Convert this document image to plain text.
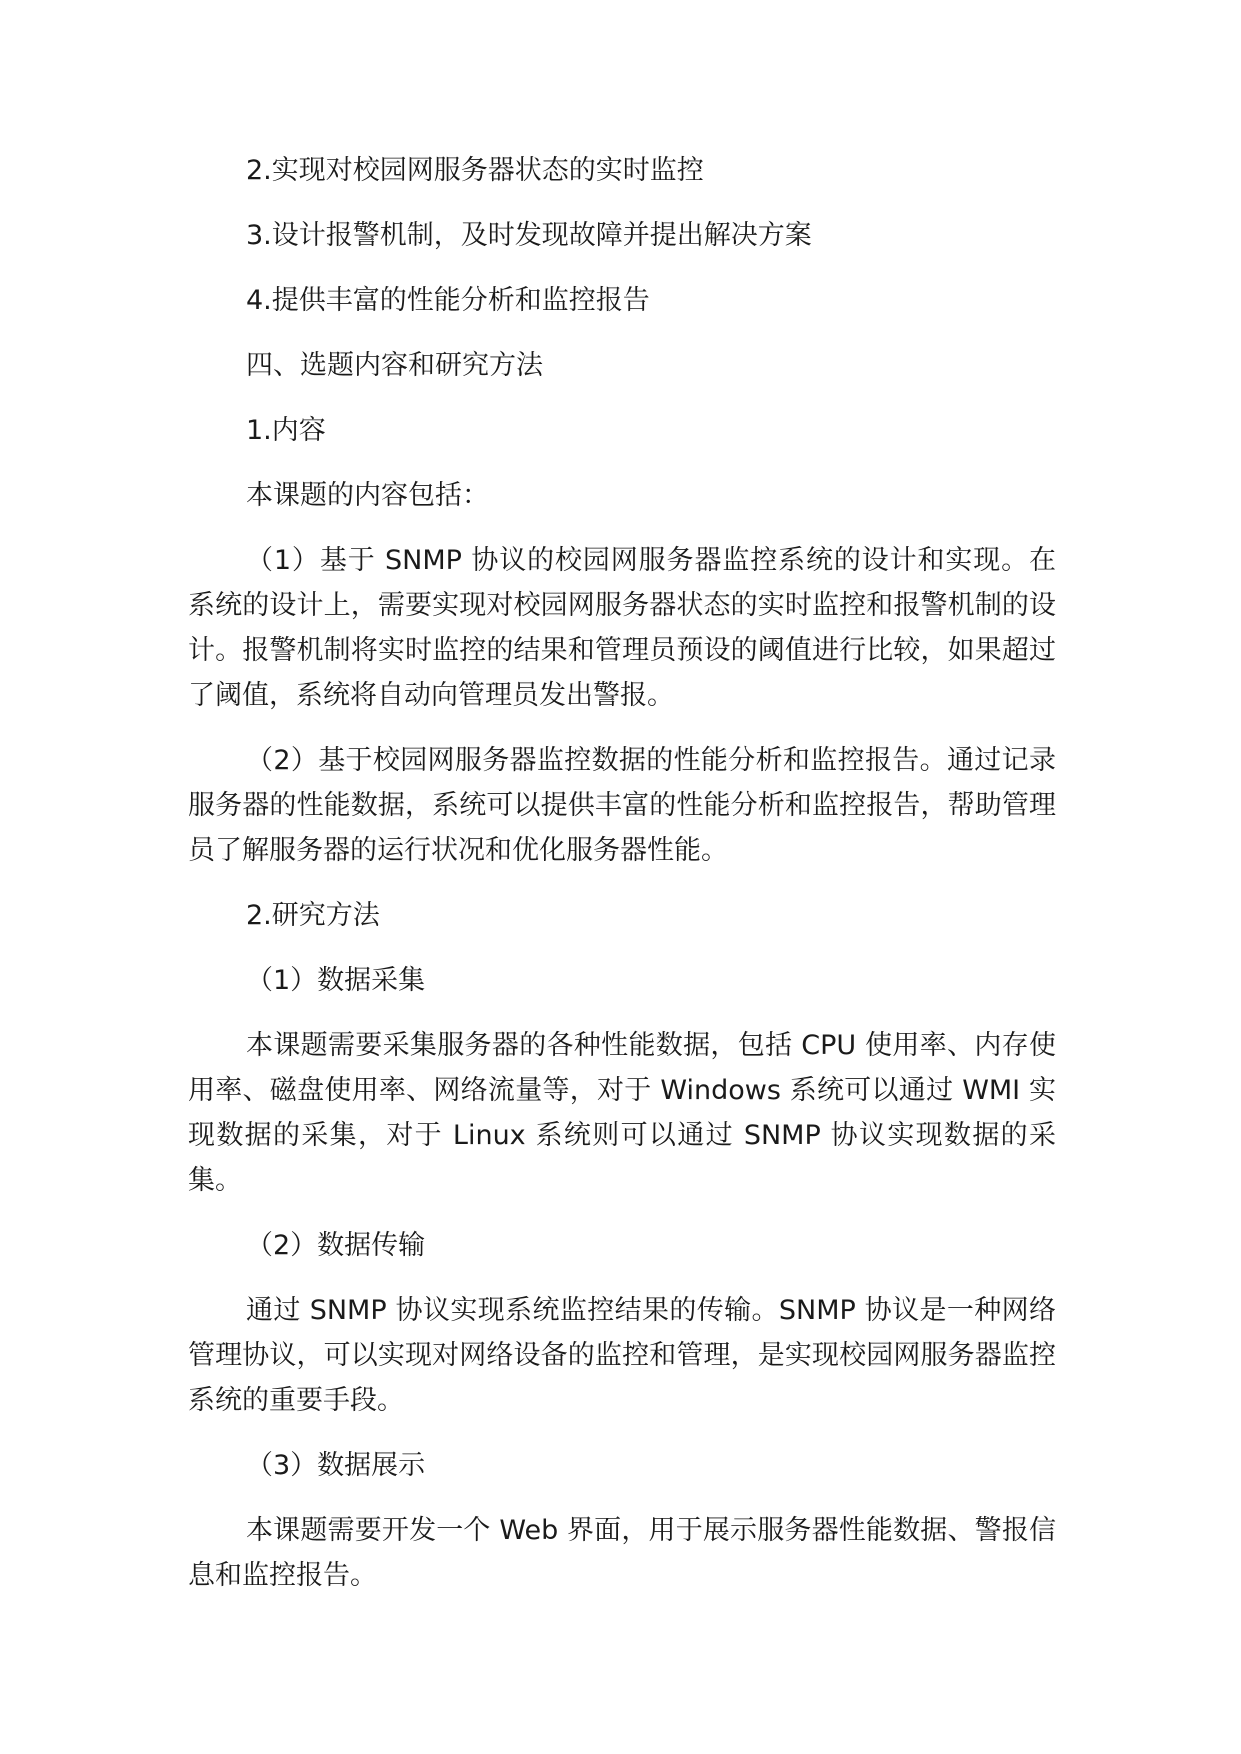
2.实现对校园网服务器状态的实时监控

3.设计报警机制，及时发现故障并提出解决方案

4.提供丰富的性能分析和监控报告

四、选题内容和研究方法

1.内容

本课题的内容包括：

（1）基于 SNMP 协议的校园网服务器监控系统的设计和实现。在系统的设计上，需要实现对校园网服务器状态的实时监控和报警机制的设计。报警机制将实时监控的结果和管理员预设的阈值进行比较，如果超过了阈值，系统将自动向管理员发出警报。

（2）基于校园网服务器监控数据的性能分析和监控报告。通过记录服务器的性能数据，系统可以提供丰富的性能分析和监控报告，帮助管理员了解服务器的运行状况和优化服务器性能。

2.研究方法

（1）数据采集

本课题需要采集服务器的各种性能数据，包括 CPU 使用率、内存使用率、磁盘使用率、网络流量等，对于 Windows 系统可以通过 WMI 实现数据的采集，对于 Linux 系统则可以通过 SNMP 协议实现数据的采集。

（2）数据传输

通过 SNMP 协议实现系统监控结果的传输。SNMP 协议是一种网络管理协议，可以实现对网络设备的监控和管理，是实现校园网服务器监控系统的重要手段。

（3）数据展示

本课题需要开发一个 Web 界面，用于展示服务器性能数据、警报信息和监控报告。
